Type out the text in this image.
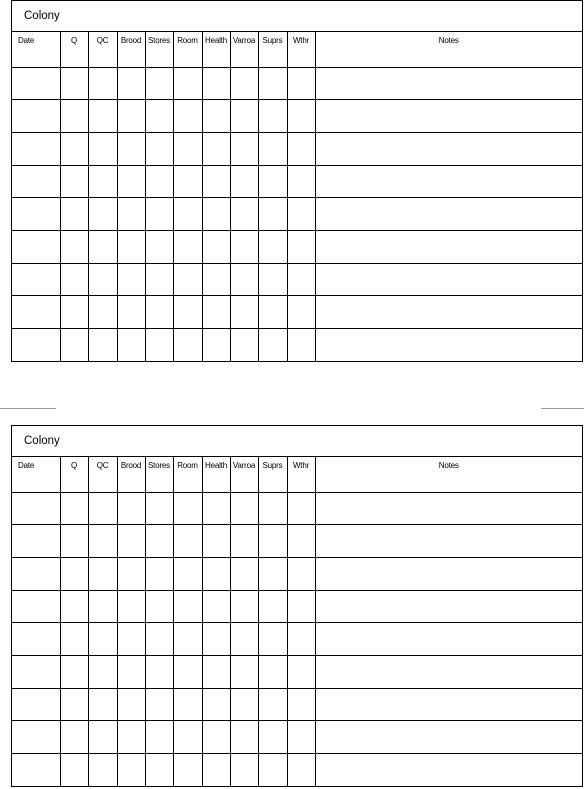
Colony
Date	Q	QC	Brood	Stores	Room	Health	Varroa	Suprs	Wthr	Notes

Colony
Date	Q	QC	Brood	Stores	Room	Health	Varroa	Suprs	Wthr	Notes
